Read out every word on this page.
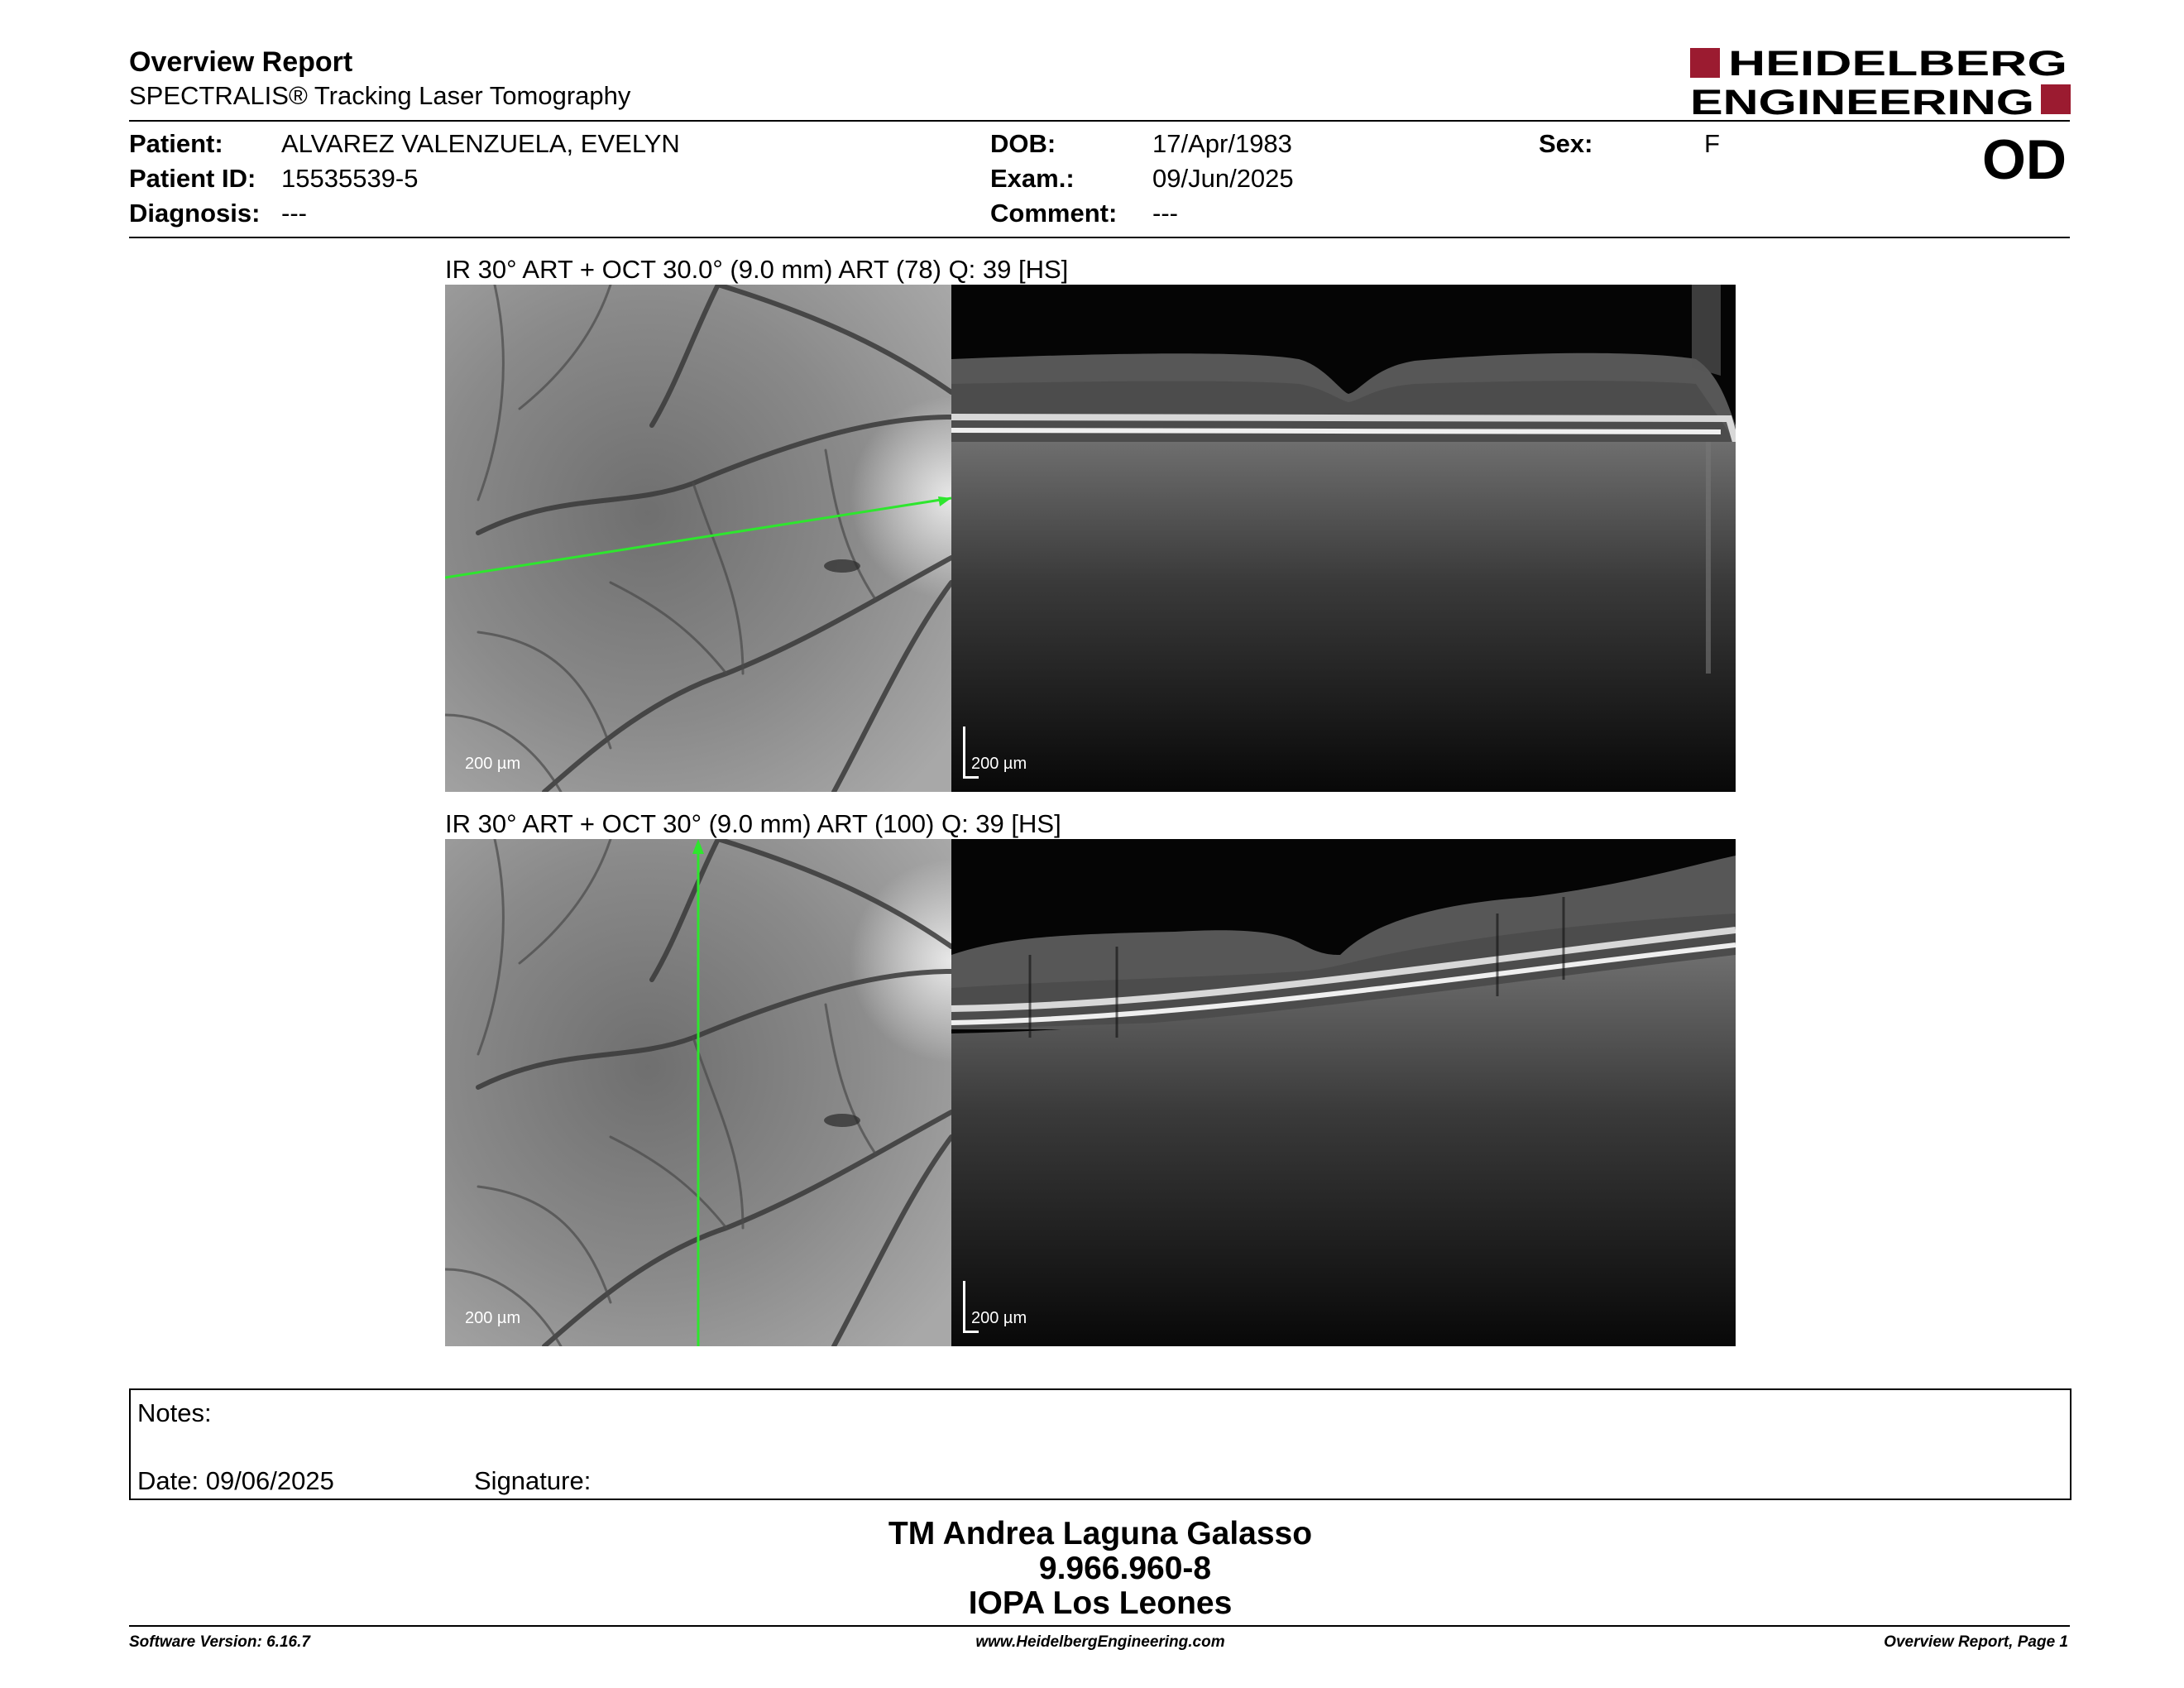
Overview Report
SPECTRALIS® Tracking Laser Tomography
HEIDELBERG
ENGINEERING
Patient: ALVAREZ VALENZUELA, EVELYN
Patient ID: 15535539-5
Diagnosis: ---
DOB:	17/Apr/1983
Exam.:	09/Jun/2025
Comment: ---
Sex:	F	OD
IR 30° ART + OCT 30.0° (9.0 mm) ART (78) Q: 39 [HS]
200 µm	200 µm
IR 30° ART + OCT 30° (9.0 mm) ART (100) Q: 39 [HS]
200 µm	200 µm
Notes:
Date: 09/06/2025	Signature:
TM Andrea Laguna Galasso
9.966.960-8
IOPA Los Leones
Software Version: 6.16.7	www.HeidelbergEngineering.com	Overview Report, Page 1
